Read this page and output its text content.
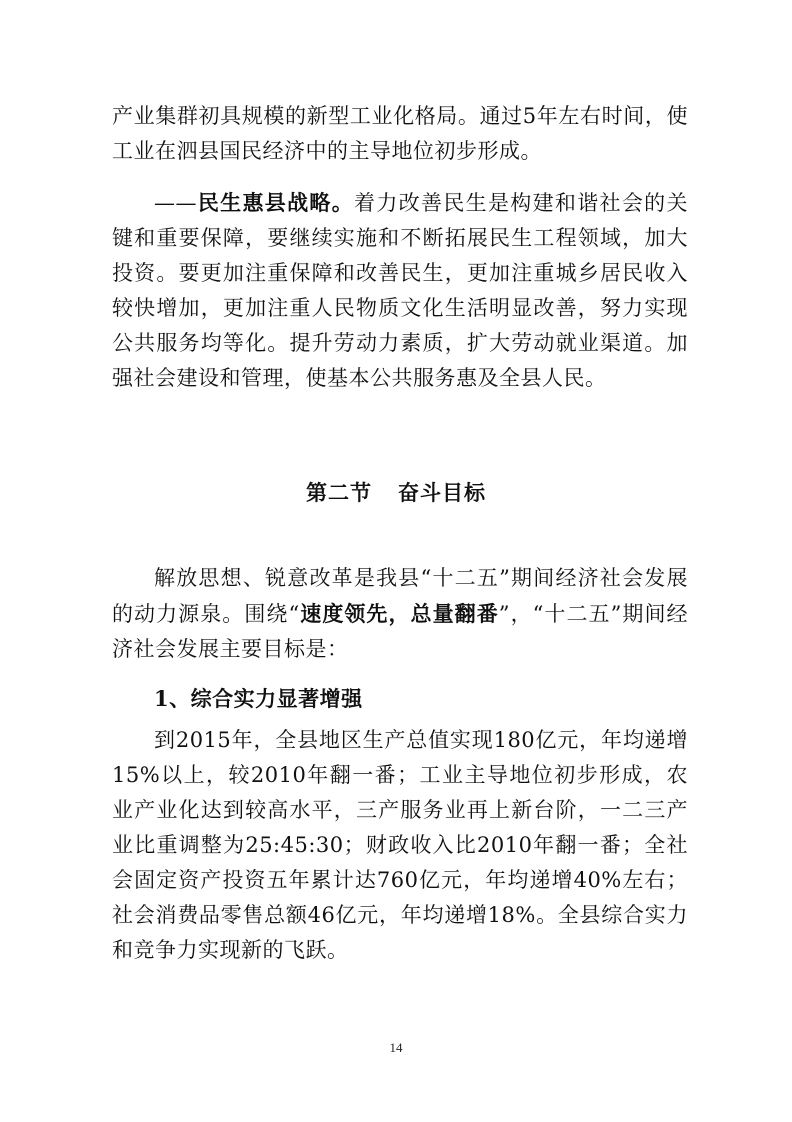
产业集群初具规模的新型工业化格局。通过5年左右时间，使工业在泗县国民经济中的主导地位初步形成。

——民生惠县战略。着力改善民生是构建和谐社会的关键和重要保障，要继续实施和不断拓展民生工程领域，加大投资。要更加注重保障和改善民生，更加注重城乡居民收入较快增加，更加注重人民物质文化生活明显改善，努力实现公共服务均等化。提升劳动力素质，扩大劳动就业渠道。加强社会建设和管理，使基本公共服务惠及全县人民。

第二节 奋斗目标

解放思想、锐意改革是我县“十二五”期间经济社会发展的动力源泉。围绕“速度领先，总量翻番”，“十二五”期间经济社会发展主要目标是：

1、综合实力显著增强

到2015年，全县地区生产总值实现180亿元，年均递增15%以上，较2010年翻一番；工业主导地位初步形成，农业产业化达到较高水平，三产服务业再上新台阶，一二三产业比重调整为25:45:30；财政收入比2010年翻一番；全社会固定资产投资五年累计达760亿元，年均递增40%左右；社会消费品零售总额46亿元，年均递增18%。全县综合实力和竞争力实现新的飞跃。

14
